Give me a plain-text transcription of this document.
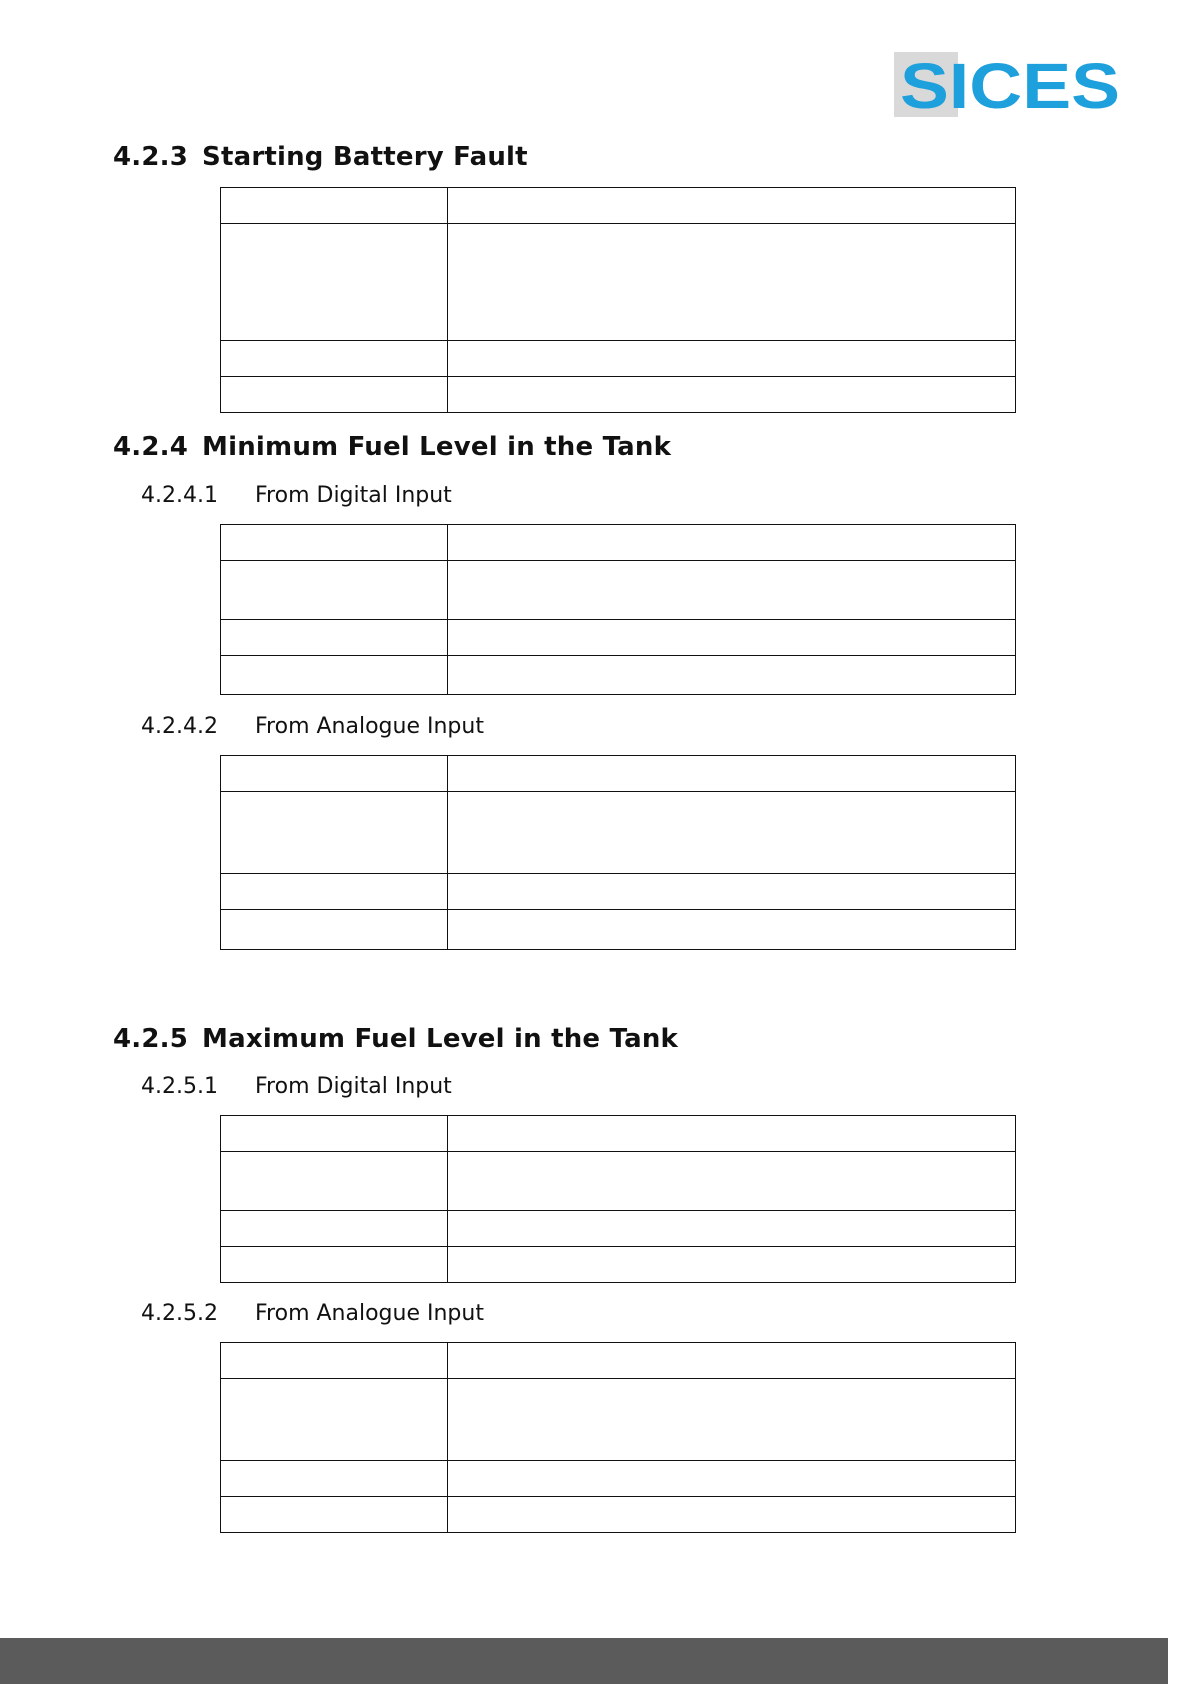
SICES
4.2.3 Starting Battery Fault

4.2.4 Minimum Fuel Level in the Tank
4.2.4.1 From Digital Input

4.2.4.2 From Analogue Input

4.2.5 Maximum Fuel Level in the Tank
4.2.5.1 From Digital Input

4.2.5.2 From Analogue Input
